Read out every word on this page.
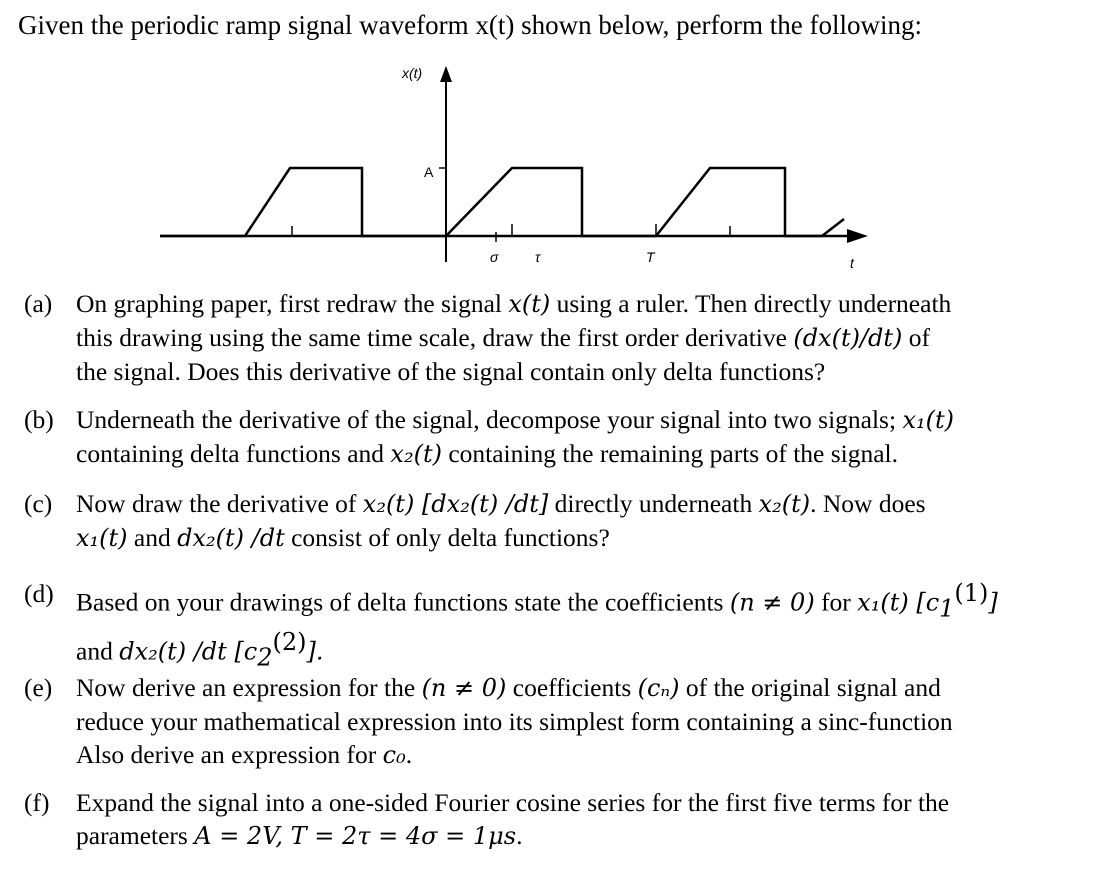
Given the periodic ramp signal waveform x(t) shown below, perform the following:
x(t)
A
σ	τ	T	t
(a) On graphing paper, first redraw the signal x(t) using a ruler. Then directly underneath
this drawing using the same time scale, draw the first order derivative (dx(t)/dt) of
the signal. Does this derivative of the signal contain only delta functions?
(b) Underneath the derivative of the signal, decompose your signal into two signals; x₁(t)
containing delta functions and x₂(t) containing the remaining parts of the signal.
(c) Now draw the derivative of x₂(t) [dx₂(t) /dt] directly underneath x₂(t). Now does
x₁(t) and dx₂(t) /dt consist of only delta functions?
(d) Based on your drawings of delta functions state the coefficients (n ≠ 0) for x₁(t) $[c_1^{(1)}]$
and dx₂(t) /dt $[c_2^{(2)}]$.
(e) Now derive an expression for the (n ≠ 0) coefficients (cₙ) of the original signal and
reduce your mathematical expression into its simplest form containing a sinc-function
Also derive an expression for c₀.
(f) Expand the signal into a one-sided Fourier cosine series for the first five terms for the
parameters A = 2V, T = 2τ = 4σ = 1μs.
